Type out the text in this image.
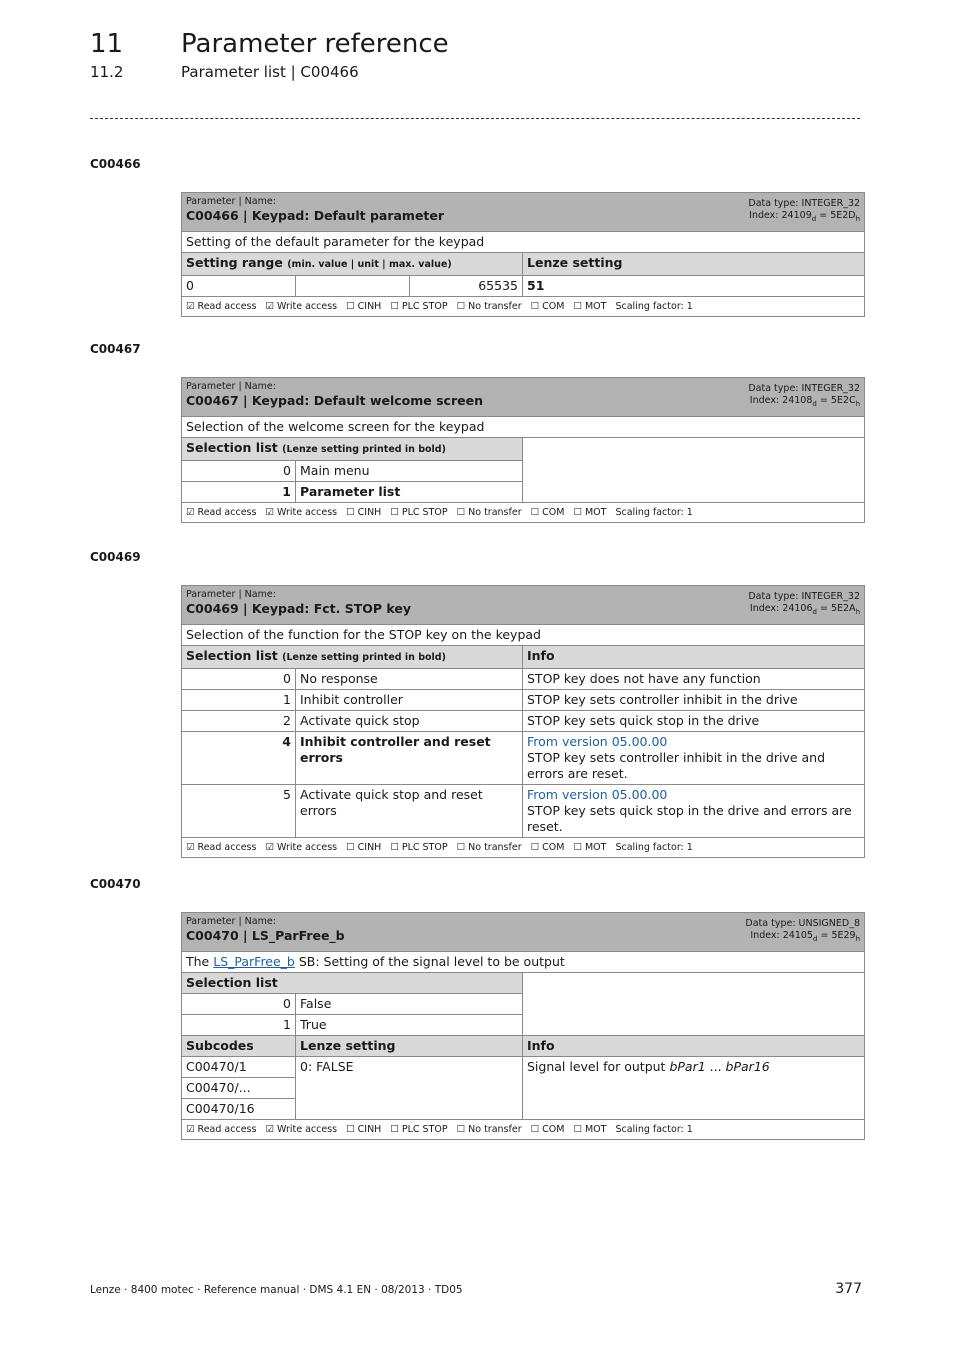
11 Parameter reference
11.2	Parameter list | C00466
C00466
Data type: INTEGER_32
Index: $24109_d = 5E2D_h$
Parameter | Name:
C00466 | Keypad: Default parameter			

Setting of the default parameter for the keypad			
Setting range (min. value | unit | max. value)			Lenze setting
0		65535	51
☑ Read access ☑ Write access ☐ CINH ☐ PLC STOP ☐ No transfer ☐ COM ☐ MOT Scaling factor: 1			
C00467
Data type: INTEGER_32
Index: $24108_d = 5E2C_h$
Parameter | Name:
C00467 | Keypad: Default welcome screen		

Selection of the welcome screen for the keypad		
Selection list (Lenze setting printed in bold)		
0	Main menu	
1	Parameter list	
☑ Read access ☑ Write access ☐ CINH ☐ PLC STOP ☐ No transfer ☐ COM ☐ MOT Scaling factor: 1		
C00469
Data type: INTEGER_32
Index: $24106_d = 5E2A_h$
Parameter | Name:
C00469 | Keypad: Fct. STOP key		

Selection of the function for the STOP key on the keypad		
Selection list (Lenze setting printed in bold)		Info
0	No response	STOP key does not have any function
1	Inhibit controller	STOP key sets controller inhibit in the drive
2	Activate quick stop	STOP key sets quick stop in the drive
4	Inhibit controller and reset errors	From version 05.00.00
STOP key sets controller inhibit in the drive and errors are reset.
5	Activate quick stop and reset errors	From version 05.00.00
STOP key sets quick stop in the drive and errors are reset.
☑ Read access ☑ Write access ☐ CINH ☐ PLC STOP ☐ No transfer ☐ COM ☐ MOT Scaling factor: 1		
C00470
Data type: UNSIGNED_8
Index: $24105_d = 5E29_h$
Parameter | Name:
C00470 | LS_ParFree_b		

The LS_ParFree_b SB: Setting of the signal level to be output		
Selection list		
0	False	
1	True	
Subcodes	Lenze setting	Info
C00470/1	0: FALSE	Signal level for output bPar1 ... bPar16
C00470/...		
C00470/16		
☑ Read access ☑ Write access ☐ CINH ☐ PLC STOP ☐ No transfer ☐ COM ☐ MOT Scaling factor: 1		
Lenze · 8400 motec · Reference manual · DMS 4.1 EN · 08/2013 · TD05	377
